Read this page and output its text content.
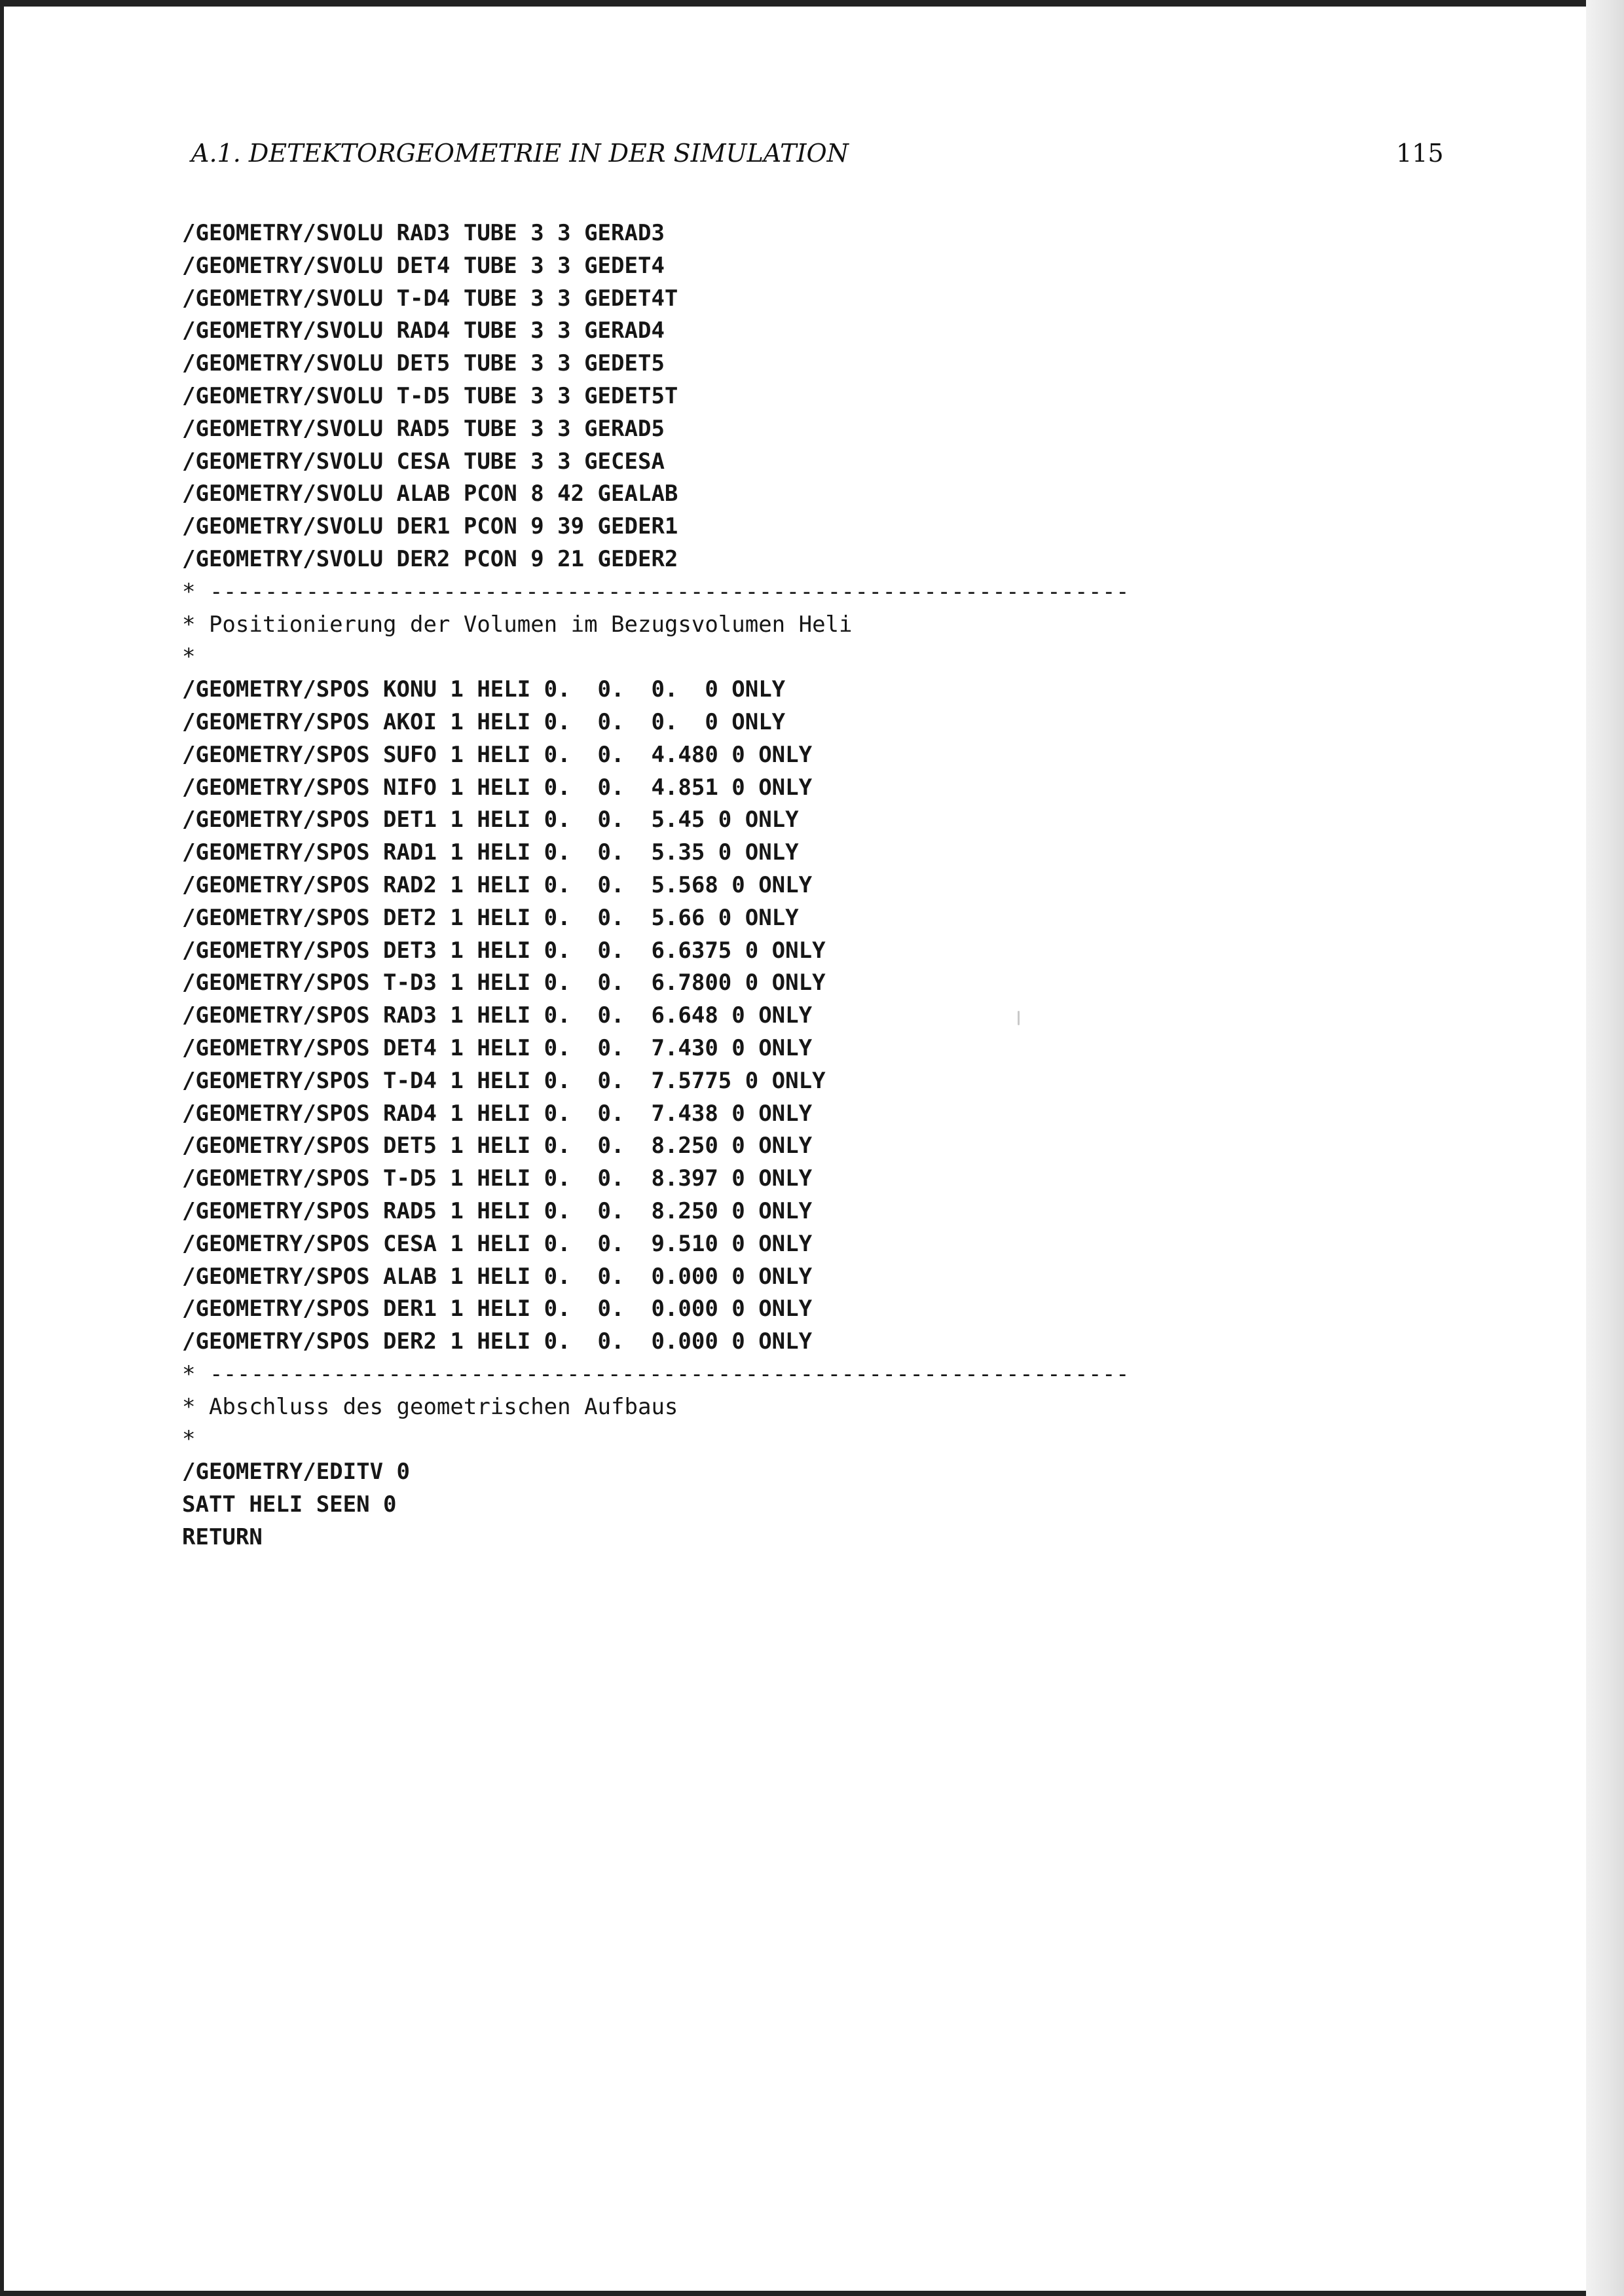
A.1. DETEKTORGEOMETRIE IN DER SIMULATION	115
/GEOMETRY/SVOLU RAD3 TUBE 3 3 GERAD3
/GEOMETRY/SVOLU DET4 TUBE 3 3 GEDET4
/GEOMETRY/SVOLU T-D4 TUBE 3 3 GEDET4T
/GEOMETRY/SVOLU RAD4 TUBE 3 3 GERAD4
/GEOMETRY/SVOLU DET5 TUBE 3 3 GEDET5
/GEOMETRY/SVOLU T-D5 TUBE 3 3 GEDET5T
/GEOMETRY/SVOLU RAD5 TUBE 3 3 GERAD5
/GEOMETRY/SVOLU CESA TUBE 3 3 GECESA
/GEOMETRY/SVOLU ALAB PCON 8 42 GEALAB
/GEOMETRY/SVOLU DER1 PCON 9 39 GEDER1
/GEOMETRY/SVOLU DER2 PCON 9 21 GEDER2
* -------------------------------------------------------------------
* Positionierung der Volumen im Bezugsvolumen Heli
*
/GEOMETRY/SPOS KONU 1 HELI 0.  0.  0.  0 ONLY
/GEOMETRY/SPOS AKOI 1 HELI 0.  0.  0.  0 ONLY
/GEOMETRY/SPOS SUFO 1 HELI 0.  0.  4.480 0 ONLY
/GEOMETRY/SPOS NIFO 1 HELI 0.  0.  4.851 0 ONLY
/GEOMETRY/SPOS DET1 1 HELI 0.  0.  5.45 0 ONLY
/GEOMETRY/SPOS RAD1 1 HELI 0.  0.  5.35 0 ONLY
/GEOMETRY/SPOS RAD2 1 HELI 0.  0.  5.568 0 ONLY
/GEOMETRY/SPOS DET2 1 HELI 0.  0.  5.66 0 ONLY
/GEOMETRY/SPOS DET3 1 HELI 0.  0.  6.6375 0 ONLY
/GEOMETRY/SPOS T-D3 1 HELI 0.  0.  6.7800 0 ONLY
/GEOMETRY/SPOS RAD3 1 HELI 0.  0.  6.648 0 ONLY
/GEOMETRY/SPOS DET4 1 HELI 0.  0.  7.430 0 ONLY
/GEOMETRY/SPOS T-D4 1 HELI 0.  0.  7.5775 0 ONLY
/GEOMETRY/SPOS RAD4 1 HELI 0.  0.  7.438 0 ONLY
/GEOMETRY/SPOS DET5 1 HELI 0.  0.  8.250 0 ONLY
/GEOMETRY/SPOS T-D5 1 HELI 0.  0.  8.397 0 ONLY
/GEOMETRY/SPOS RAD5 1 HELI 0.  0.  8.250 0 ONLY
/GEOMETRY/SPOS CESA 1 HELI 0.  0.  9.510 0 ONLY
/GEOMETRY/SPOS ALAB 1 HELI 0.  0.  0.000 0 ONLY
/GEOMETRY/SPOS DER1 1 HELI 0.  0.  0.000 0 ONLY
/GEOMETRY/SPOS DER2 1 HELI 0.  0.  0.000 0 ONLY
* -------------------------------------------------------------------
* Abschluss des geometrischen Aufbaus
*
/GEOMETRY/EDITV 0
SATT HELI SEEN 0
RETURN
